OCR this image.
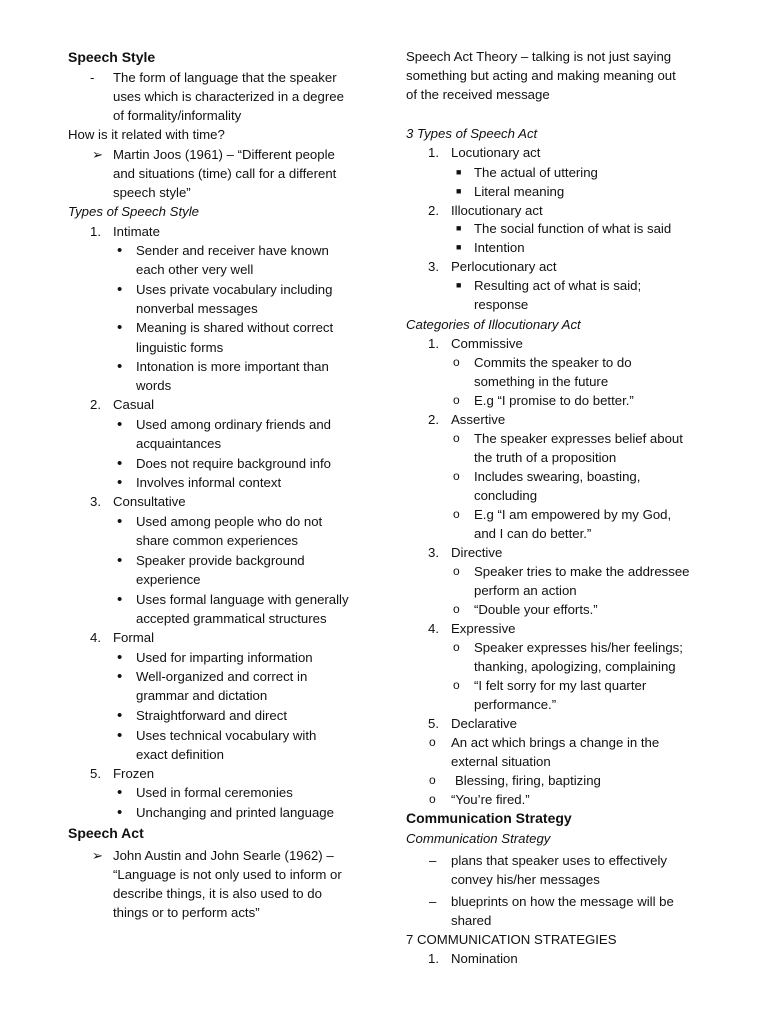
Speech Style
- The form of language that the speaker
uses which is characterized in a degree
of formality/informality
How is it related with time?
➢ Martin Joos (1961) – “Different people
and situations (time) call for a different
speech style”
Types of Speech Style
1. Intimate
• Sender and receiver have known
each other very well
• Uses private vocabulary including
nonverbal messages
• Meaning is shared without correct
linguistic forms
• Intonation is more important than
words
2. Casual
• Used among ordinary friends and
acquaintances
• Does not require background info
• Involves informal context
3. Consultative
• Used among people who do not
share common experiences
• Speaker provide background
experience
• Uses formal language with generally
accepted grammatical structures
4. Formal
• Used for imparting information
• Well-organized and correct in
grammar and dictation
• Straightforward and direct
• Uses technical vocabulary with
exact definition
5. Frozen
• Used in formal ceremonies
• Unchanging and printed language
Speech Act
➢ John Austin and John Searle (1962) –
“Language is not only used to inform or
describe things, it is also used to do
things or to perform acts”
Speech Act Theory – talking is not just saying
something but acting and making meaning out
of the received message
3 Types of Speech Act
1. Locutionary act
■ The actual of uttering
■ Literal meaning
2. Illocutionary act
■ The social function of what is said
■ Intention
3. Perlocutionary act
■ Resulting act of what is said;
response
Categories of Illocutionary Act
1. Commissive
o Commits the speaker to do
something in the future
o E.g “I promise to do better.”
2. Assertive
o The speaker expresses belief about
the truth of a proposition
o Includes swearing, boasting,
concluding
o E.g “I am empowered by my God,
and I can do better.”
3. Directive
o Speaker tries to make the addressee
perform an action
o “Double your efforts.”
4. Expressive
o Speaker expresses his/her feelings;
thanking, apologizing, complaining
o “I felt sorry for my last quarter
performance.”
5. Declarative
o An act which brings a change in the
external situation
o Blessing, firing, baptizing
o “You’re fired.”
Communication Strategy
Communication Strategy
– plans that speaker uses to effectively
convey his/her messages
– blueprints on how the message will be
shared
7 COMMUNICATION STRATEGIES
1. Nomination
